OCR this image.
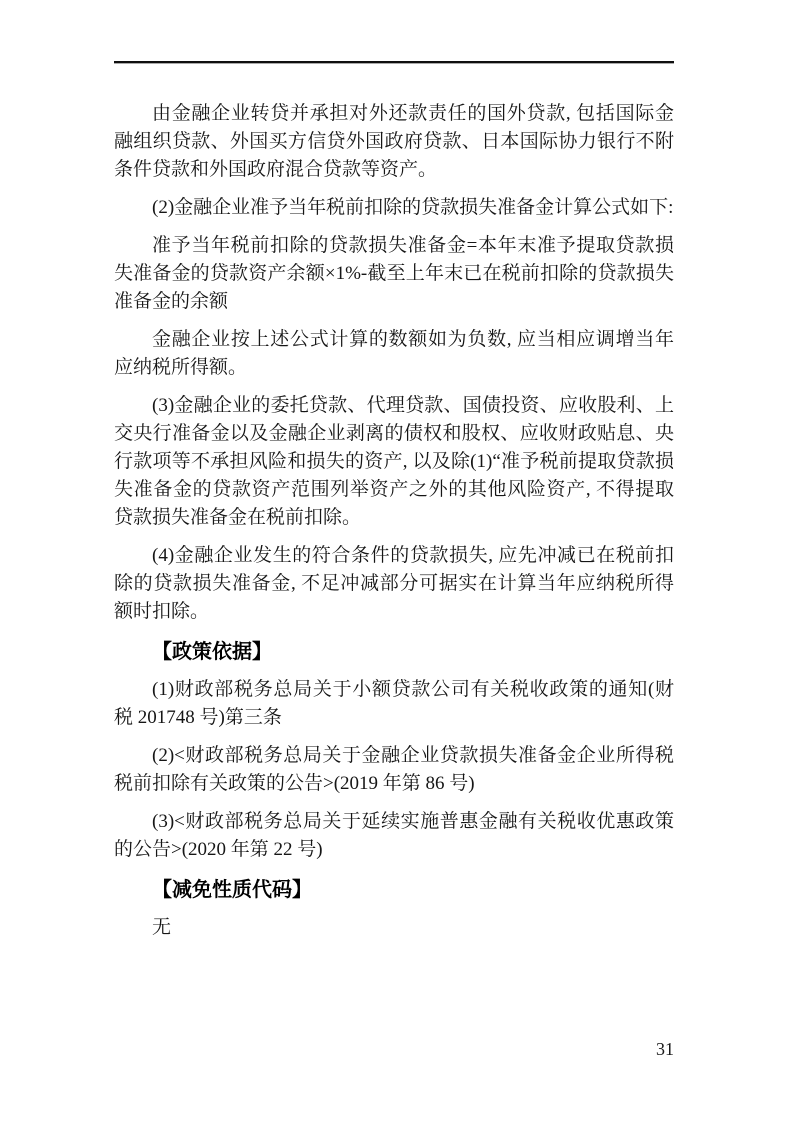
由金融企业转贷并承担对外还款责任的国外贷款, 包括国际金融组织贷款、外国买方信贷外国政府贷款、日本国际协力银行不附条件贷款和外国政府混合贷款等资产。

(2)金融企业准予当年税前扣除的贷款损失准备金计算公式如下:

准予当年税前扣除的贷款损失准备金=本年末准予提取贷款损失准备金的贷款资产余额×1%-截至上年末已在税前扣除的贷款损失准备金的余额

金融企业按上述公式计算的数额如为负数, 应当相应调增当年应纳税所得额。

(3)金融企业的委托贷款、代理贷款、国债投资、应收股利、上交央行准备金以及金融企业剥离的债权和股权、应收财政贴息、央行款项等不承担风险和损失的资产, 以及除(1)“准予税前提取贷款损失准备金的贷款资产范围列举资产之外的其他风险资产, 不得提取贷款损失准备金在税前扣除。

(4)金融企业发生的符合条件的贷款损失, 应先冲减已在税前扣除的贷款损失准备金, 不足冲减部分可据实在计算当年应纳税所得额时扣除。

【政策依据】

(1)财政部税务总局关于小额贷款公司有关税收政策的通知(财税 201748 号)第三条

(2)<财政部税务总局关于金融企业贷款损失准备金企业所得税税前扣除有关政策的公告>(2019 年第 86 号)

(3)<财政部税务总局关于延续实施普惠金融有关税收优惠政策的公告>(2020 年第 22 号)

【减免性质代码】

无

31
